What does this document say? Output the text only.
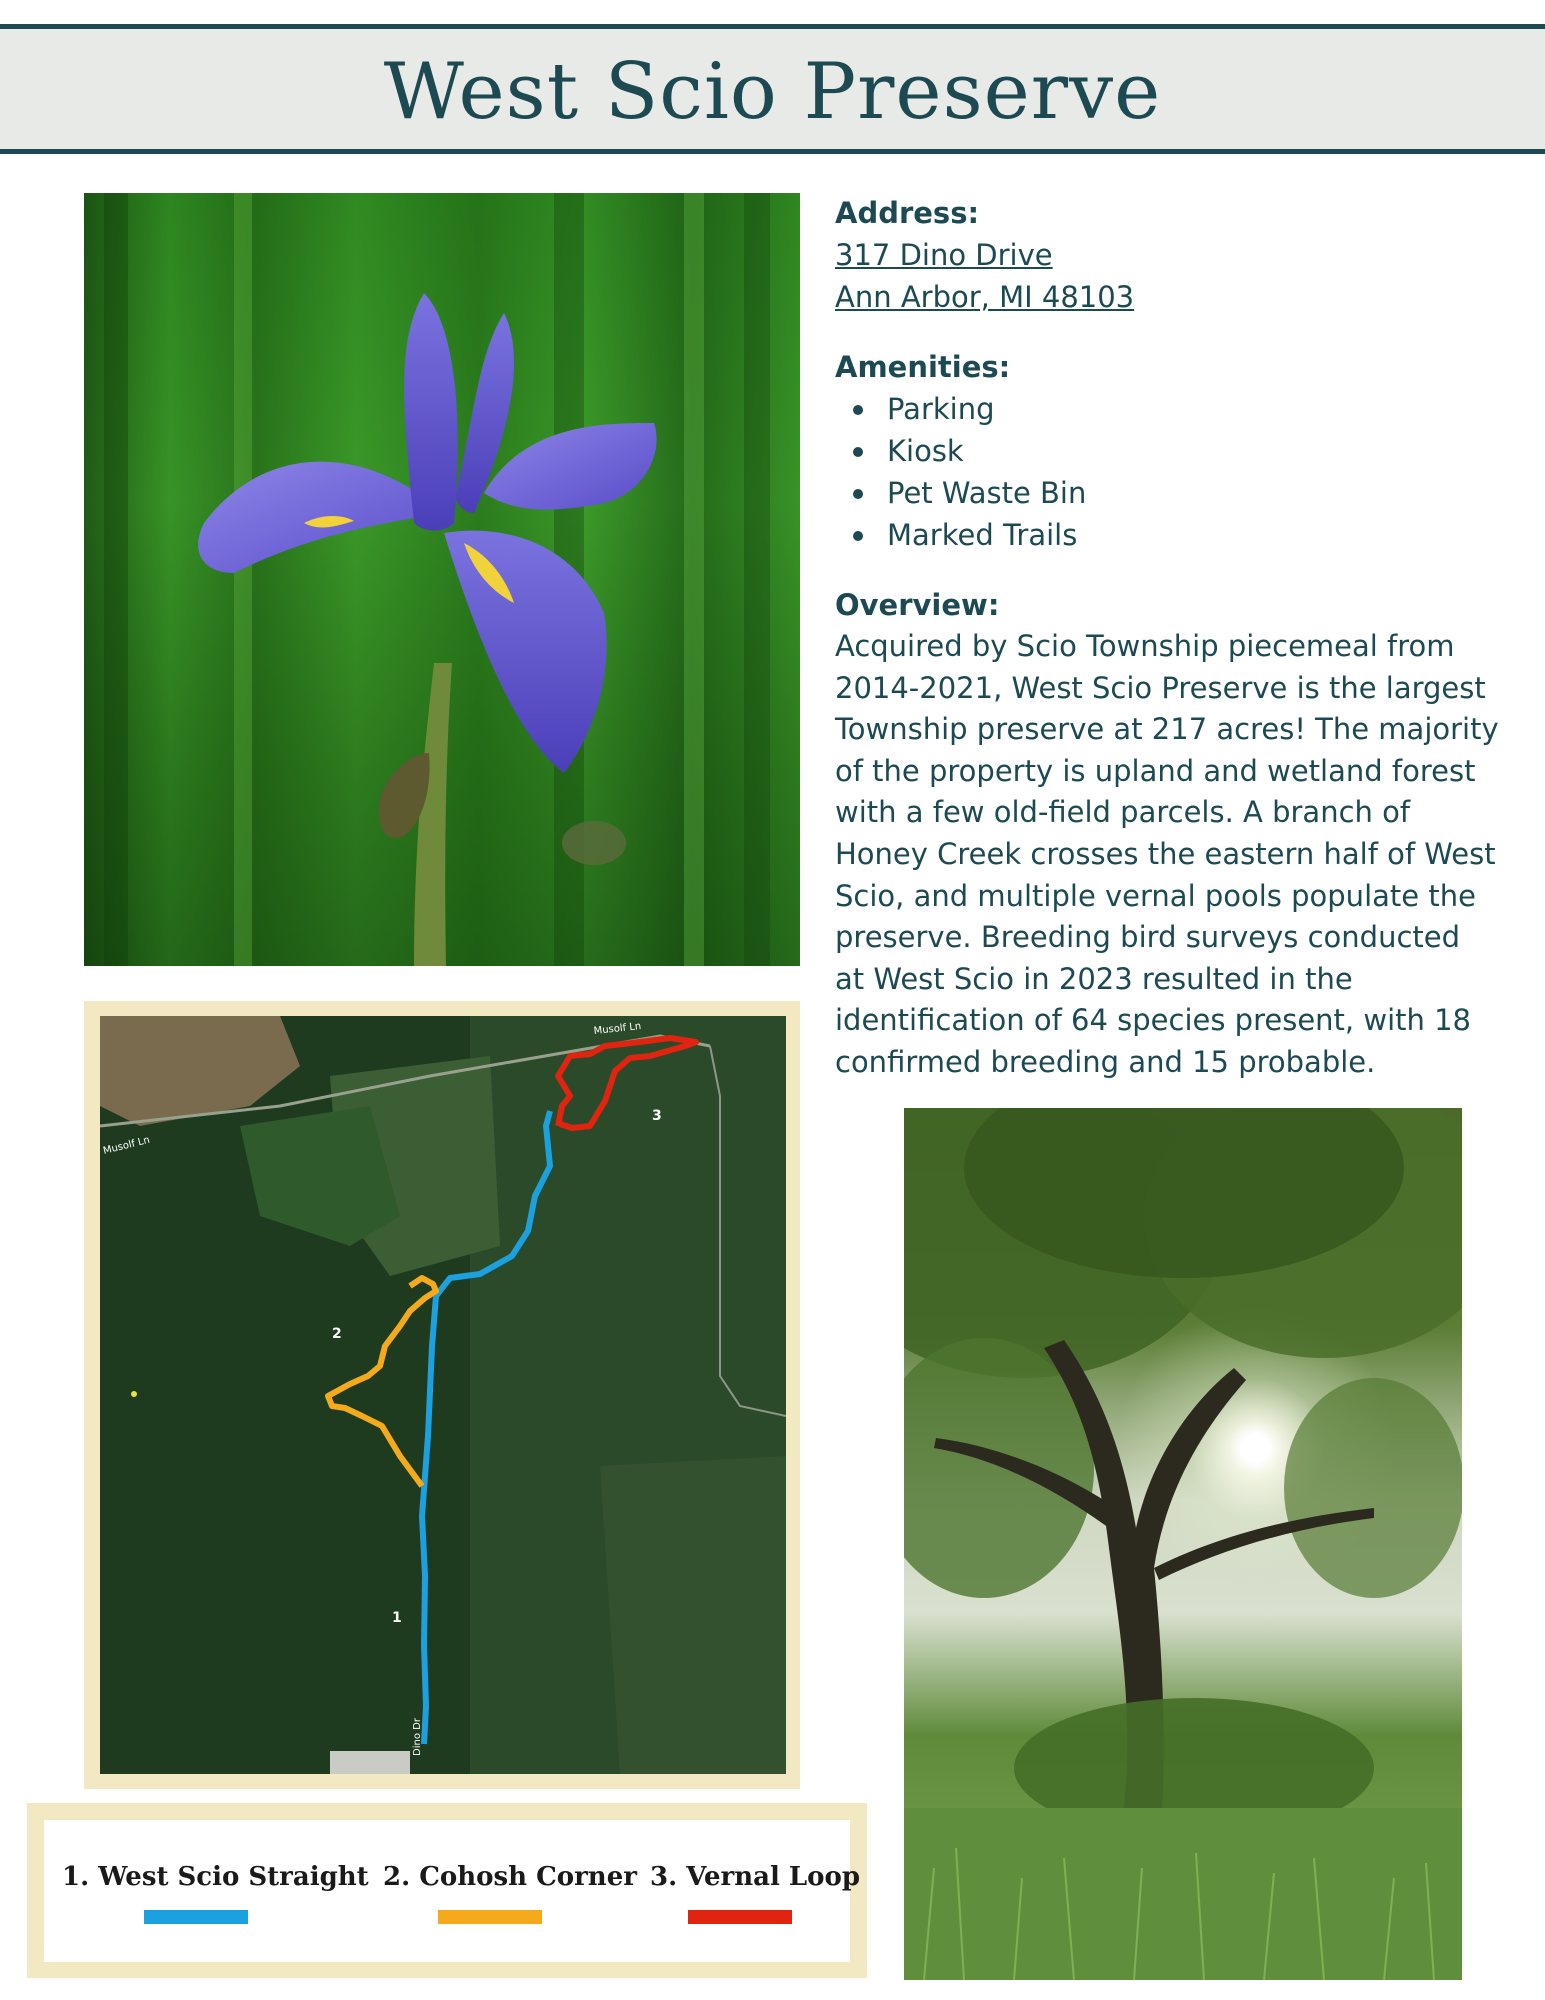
West Scio Preserve
Address:
317 Dino Drive
Ann Arbor, MI 48103
Amenities:
Parking
Kiosk
Pet Waste Bin
Marked Trails
Overview:
Acquired by Scio Township piecemeal from
2014-2021, West Scio Preserve is the largest
Township preserve at 217 acres! The majority
of the property is upland and wetland forest
with a few old-field parcels. A branch of
Honey Creek crosses the eastern half of West
Scio, and multiple vernal pools populate the
preserve. Breeding bird surveys conducted
at West Scio in 2023 resulted in the
identification of 64 species present, with 18
confirmed breeding and 15 probable.
Musolf Ln
Musolf Ln
Dino Dr
1
2
3
1. West Scio Straight 2. Cohosh Corner 3. Vernal Loop
